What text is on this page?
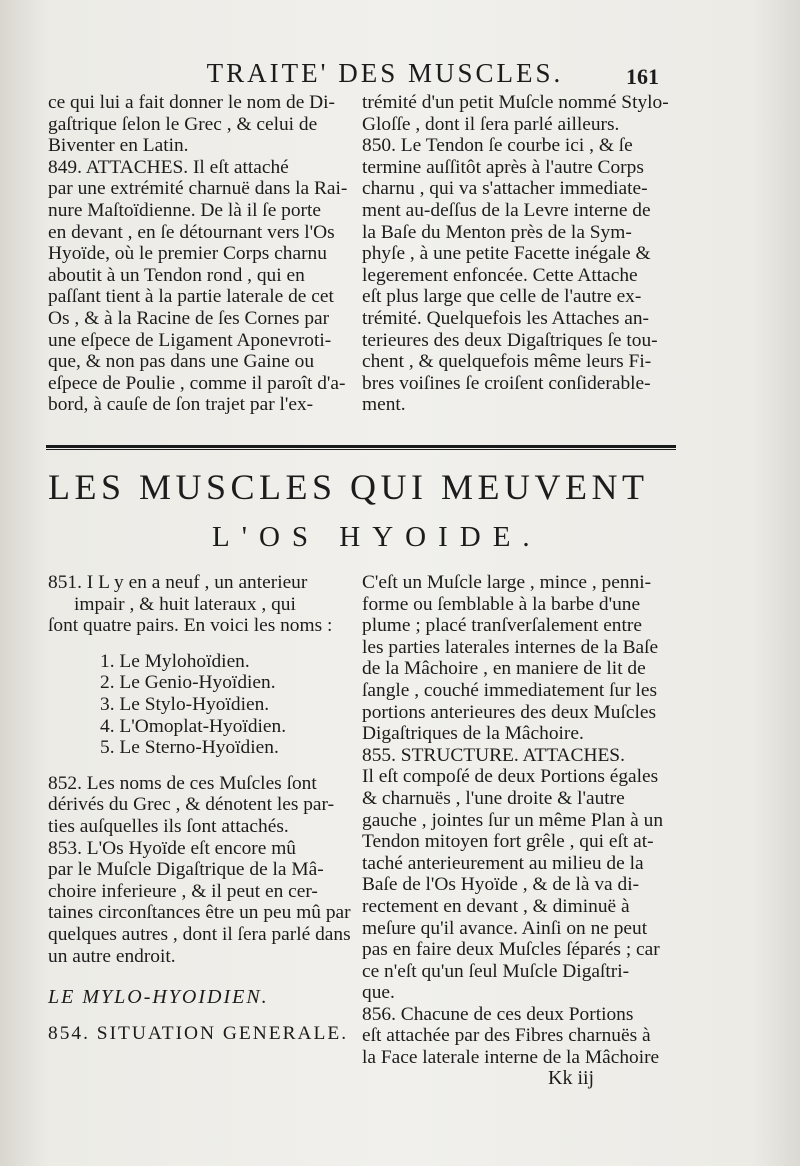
TRAITE' DES MUSCLES.	161
ce qui lui a fait donner le nom de Di-
gaſtrique ſelon le Grec , & celui de
Biventer en Latin.
849. ATTACHES. Il eſt attaché
par une extrémité charnuë dans la Rai-
nure Maſtoïdienne. De là il ſe porte
en devant , en ſe détournant vers l'Os
Hyoïde, où le premier Corps charnu
aboutit à un Tendon rond , qui en
paſſant tient à la partie laterale de cet
Os , & à la Racine de ſes Cornes par
une eſpece de Ligament Aponevroti-
que, & non pas dans une Gaine ou
eſpece de Poulie , comme il paroît d'a-
bord, à cauſe de ſon trajet par l'ex-
trémité d'un petit Muſcle nommé Stylo-
Gloſſe , dont il ſera parlé ailleurs.
850. Le Tendon ſe courbe ici , & ſe
termine auſſitôt après à l'autre Corps
charnu , qui va s'attacher immediate-
ment au-deſſus de la Levre interne de
la Baſe du Menton près de la Sym-
phyſe , à une petite Facette inégale &
legerement enfoncée. Cette Attache
eſt plus large que celle de l'autre ex-
trémité. Quelquefois les Attaches an-
terieures des deux Digaſtriques ſe tou-
chent , & quelquefois même leurs Fi-
bres voiſines ſe croiſent conſiderable-
ment.
LES MUSCLES QUI MEUVENT
L'OS HYOIDE.
851. I L y en a neuf , un anterieur
impair , & huit lateraux , qui
ſont quatre pairs. En voici les noms :
1. Le Mylohoïdien.
2. Le Genio-Hyoïdien.
3. Le Stylo-Hyoïdien.
4. L'Omoplat-Hyoïdien.
5. Le Sterno-Hyoïdien.
852. Les noms de ces Muſcles ſont
dérivés du Grec , & dénotent les par-
ties auſquelles ils ſont attachés.
853. L'Os Hyoïde eſt encore mû
par le Muſcle Digaſtrique de la Mâ-
choire inferieure , & il peut en cer-
taines circonſtances être un peu mû par
quelques autres , dont il ſera parlé dans
un autre endroit.
LE MYLO-HYOIDIEN.
854. SITUATION GENERALE.
C'eſt un Muſcle large , mince , penni-
forme ou ſemblable à la barbe d'une
plume ; placé tranſverſalement entre
les parties laterales internes de la Baſe
de la Mâchoire , en maniere de lit de
ſangle , couché immediatement ſur les
portions anterieures des deux Muſcles
Digaſtriques de la Mâchoire.
855. STRUCTURE. ATTACHES.
Il eſt compoſé de deux Portions égales
& charnuës , l'une droite & l'autre
gauche , jointes ſur un même Plan à un
Tendon mitoyen fort grêle , qui eſt at-
taché anterieurement au milieu de la
Baſe de l'Os Hyoïde , & de là va di-
rectement en devant , & diminuë à
meſure qu'il avance. Ainſi on ne peut
pas en faire deux Muſcles ſéparés ; car
ce n'eſt qu'un ſeul Muſcle Digaſtri-
que.
856. Chacune de ces deux Portions
eſt attachée par des Fibres charnuës à
la Face laterale interne de la Mâchoire
Kk iij
